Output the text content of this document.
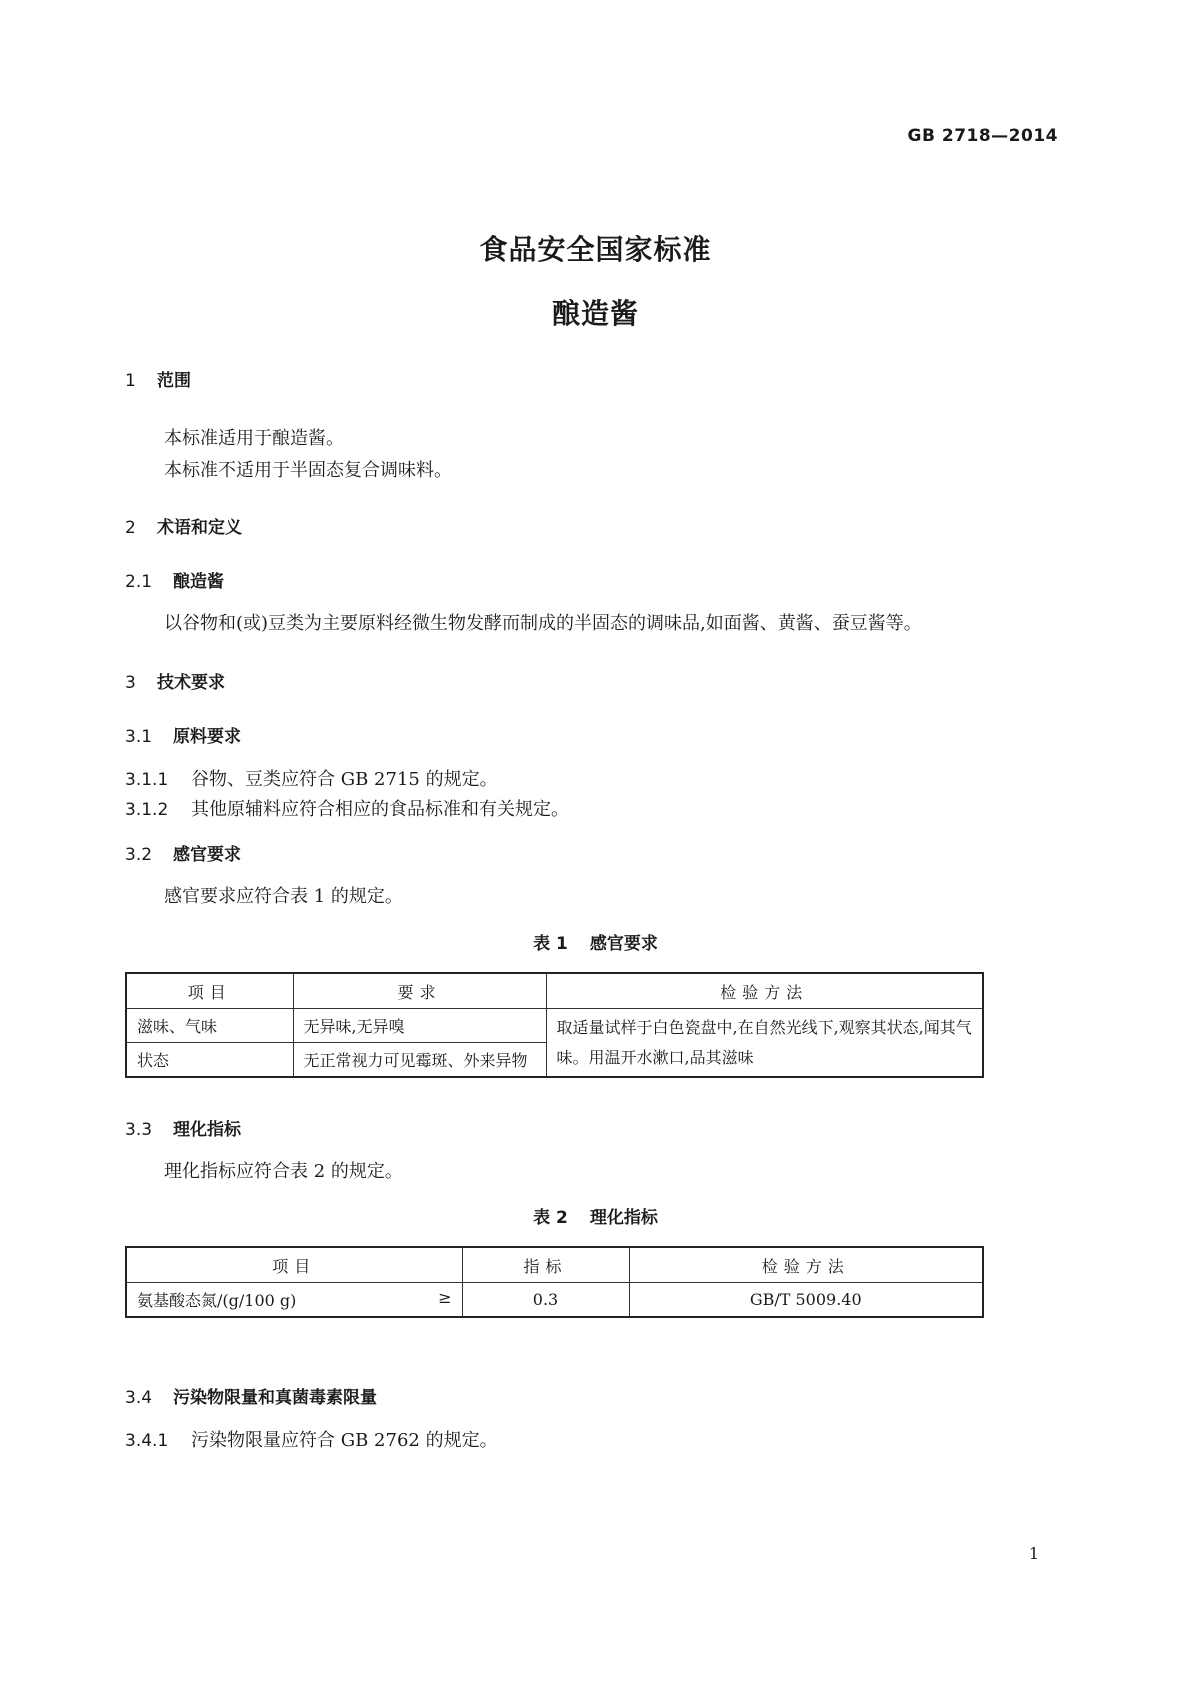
GB 2718—2014
食品安全国家标准
酿造酱
1 范围
本标准适用于酿造酱。
本标准不适用于半固态复合调味料。
2 术语和定义
2.1 酿造酱
以谷物和(或)豆类为主要原料经微生物发酵而制成的半固态的调味品,如面酱、黄酱、蚕豆酱等。
3 技术要求
3.1 原料要求
3.1.1 谷物、豆类应符合 GB 2715 的规定。
3.1.2 其他原辅料应符合相应的食品标准和有关规定。
3.2 感官要求
感官要求应符合表 1 的规定。
表 1 感官要求
项目	要求	检验方法
滋味、气味	无异味,无异嗅	取适量试样于白色瓷盘中,在自然光线下,观察其状态,闻其气味。用温开水漱口,品其滋味
状态	无正常视力可见霉斑、外来异物	
3.3 理化指标
理化指标应符合表 2 的规定。
表 2 理化指标
项目	指标	检验方法
氨基酸态氮/(g/100 g) ≥	0.3	GB/T 5009.40
3.4 污染物限量和真菌毒素限量
3.4.1 污染物限量应符合 GB 2762 的规定。
1
